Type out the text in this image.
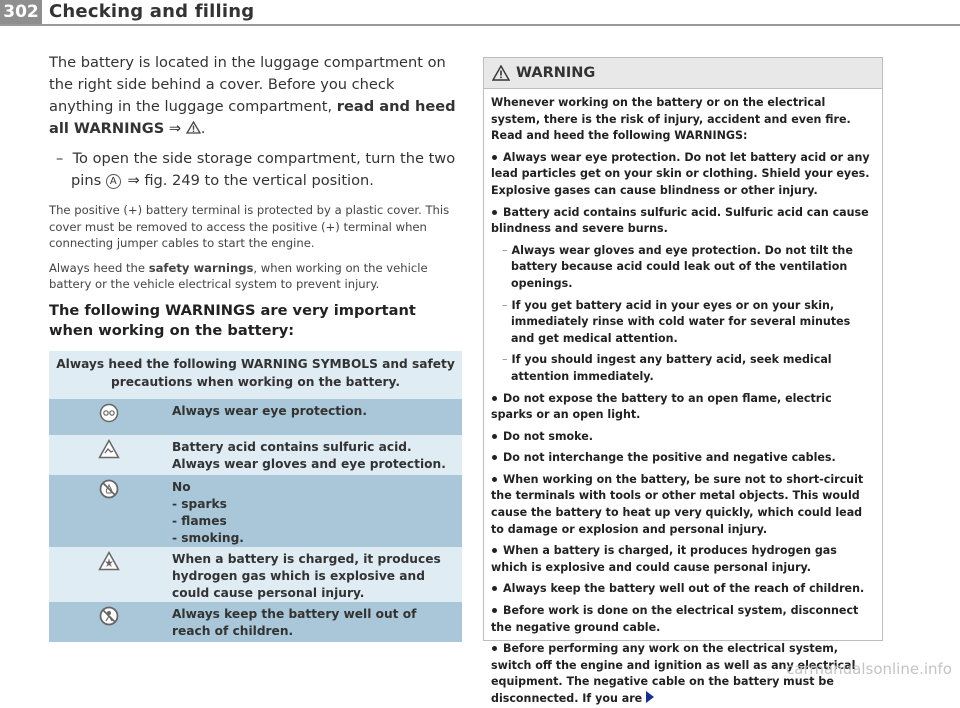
302 Checking and filling

The battery is located in the luggage compartment on the right side behind a cover. Before you check anything in the luggage compartment, read and heed all WARNINGS ⇒ .

– To open the side storage compartment, turn the two pins A ⇒ fig. 249 to the vertical position.

The positive (+) battery terminal is protected by a plastic cover. This cover must be removed to access the positive (+) terminal when connecting jumper cables to start the engine.

Always heed the safety warnings, when working on the vehicle battery or the vehicle electrical system to prevent injury.

The following WARNINGS are very important when working on the battery:
Always heed the following WARNING SYMBOLS and safety precautions when working on the battery.
Always wear eye protection.
Battery acid contains sulfuric acid. Always wear gloves and eye protection.
No
- sparks
- flames
- smoking.
When a battery is charged, it produces hydrogen gas which is explosive and could cause personal injury.
Always keep the battery well out of reach of children.
WARNING

Whenever working on the battery or on the electrical system, there is the risk of injury, accident and even fire. Read and heed the following WARNINGS:

Always wear eye protection. Do not let battery acid or any lead particles get on your skin or clothing. Shield your eyes. Explosive gases can cause blindness or other injury.

Battery acid contains sulfuric acid. Sulfuric acid can cause blindness and severe burns.

– Always wear gloves and eye protection. Do not tilt the battery because acid could leak out of the ventilation openings.

– If you get battery acid in your eyes or on your skin, immediately rinse with cold water for several minutes and get medical attention.

– If you should ingest any battery acid, seek medical attention immediately.

Do not expose the battery to an open flame, electric sparks or an open light.

Do not smoke.

Do not interchange the positive and negative cables.

When working on the battery, be sure not to short-circuit the terminals with tools or other metal objects. This would cause the battery to heat up very quickly, which could lead to damage or explosion and personal injury.

When a battery is charged, it produces hydrogen gas which is explosive and could cause personal injury.

Always keep the battery well out of the reach of children.

Before work is done on the electrical system, disconnect the negative ground cable.

Before performing any work on the electrical system, switch off the engine and ignition as well as any electrical equipment. The negative cable on the battery must be disconnected. If you are

carmanualsonline.info
